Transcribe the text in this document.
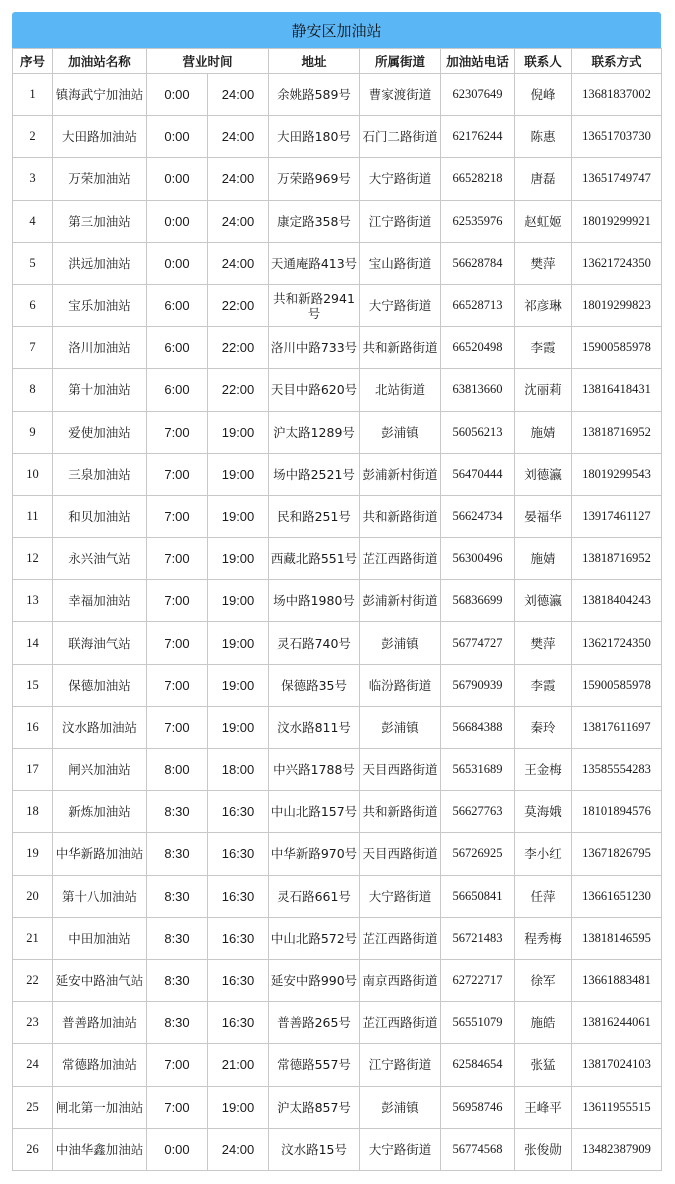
静安区加油站
序号	加油站名称	营业时间		地址	所属街道	加油站电话	联系人	联系方式
1	镇海武宁加油站	0:00	24:00	余姚路589号	曹家渡街道	62307649	倪峰	13681837002
2	大田路加油站	0:00	24:00	大田路180号	石门二路街道	62176244	陈惠	13651703730
3	万荣加油站	0:00	24:00	万荣路969号	大宁路街道	66528218	唐磊	13651749747
4	第三加油站	0:00	24:00	康定路358号	江宁路街道	62535976	赵虹姬	18019299921
5	洪远加油站	0:00	24:00	天通庵路413号	宝山路街道	56628784	樊萍	13621724350
6	宝乐加油站	6:00	22:00	共和新路2941号	大宁路街道	66528713	祁彦琳	18019299823
7	洛川加油站	6:00	22:00	洛川中路733号	共和新路街道	66520498	李霞	15900585978
8	第十加油站	6:00	22:00	天目中路620号	北站街道	63813660	沈丽莉	13816418431
9	爱使加油站	7:00	19:00	沪太路1289号	彭浦镇	56056213	施婧	13818716952
10	三泉加油站	7:00	19:00	场中路2521号	彭浦新村街道	56470444	刘德瀛	18019299543
11	和贝加油站	7:00	19:00	民和路251号	共和新路街道	56624734	晏福华	13917461127
12	永兴油气站	7:00	19:00	西藏北路551号	芷江西路街道	56300496	施婧	13818716952
13	幸福加油站	7:00	19:00	场中路1980号	彭浦新村街道	56836699	刘德瀛	13818404243
14	联海油气站	7:00	19:00	灵石路740号	彭浦镇	56774727	樊萍	13621724350
15	保德加油站	7:00	19:00	保德路35号	临汾路街道	56790939	李霞	15900585978
16	汶水路加油站	7:00	19:00	汶水路811号	彭浦镇	56684388	秦玲	13817611697
17	闸兴加油站	8:00	18:00	中兴路1788号	天目西路街道	56531689	王金梅	13585554283
18	新炼加油站	8:30	16:30	中山北路157号	共和新路街道	56627763	莫海娥	18101894576
19	中华新路加油站	8:30	16:30	中华新路970号	天目西路街道	56726925	李小红	13671826795
20	第十八加油站	8:30	16:30	灵石路661号	大宁路街道	56650841	任萍	13661651230
21	中田加油站	8:30	16:30	中山北路572号	芷江西路街道	56721483	程秀梅	13818146595
22	延安中路油气站	8:30	16:30	延安中路990号	南京西路街道	62722717	徐军	13661883481
23	普善路加油站	8:30	16:30	普善路265号	芷江西路街道	56551079	施皓	13816244061
24	常德路加油站	7:00	21:00	常德路557号	江宁路街道	62584654	张猛	13817024103
25	闸北第一加油站	7:00	19:00	沪太路857号	彭浦镇	56958746	王峰平	13611955515
26	中油华鑫加油站	0:00	24:00	汶水路15号	大宁路街道	56774568	张俊勋	13482387909
